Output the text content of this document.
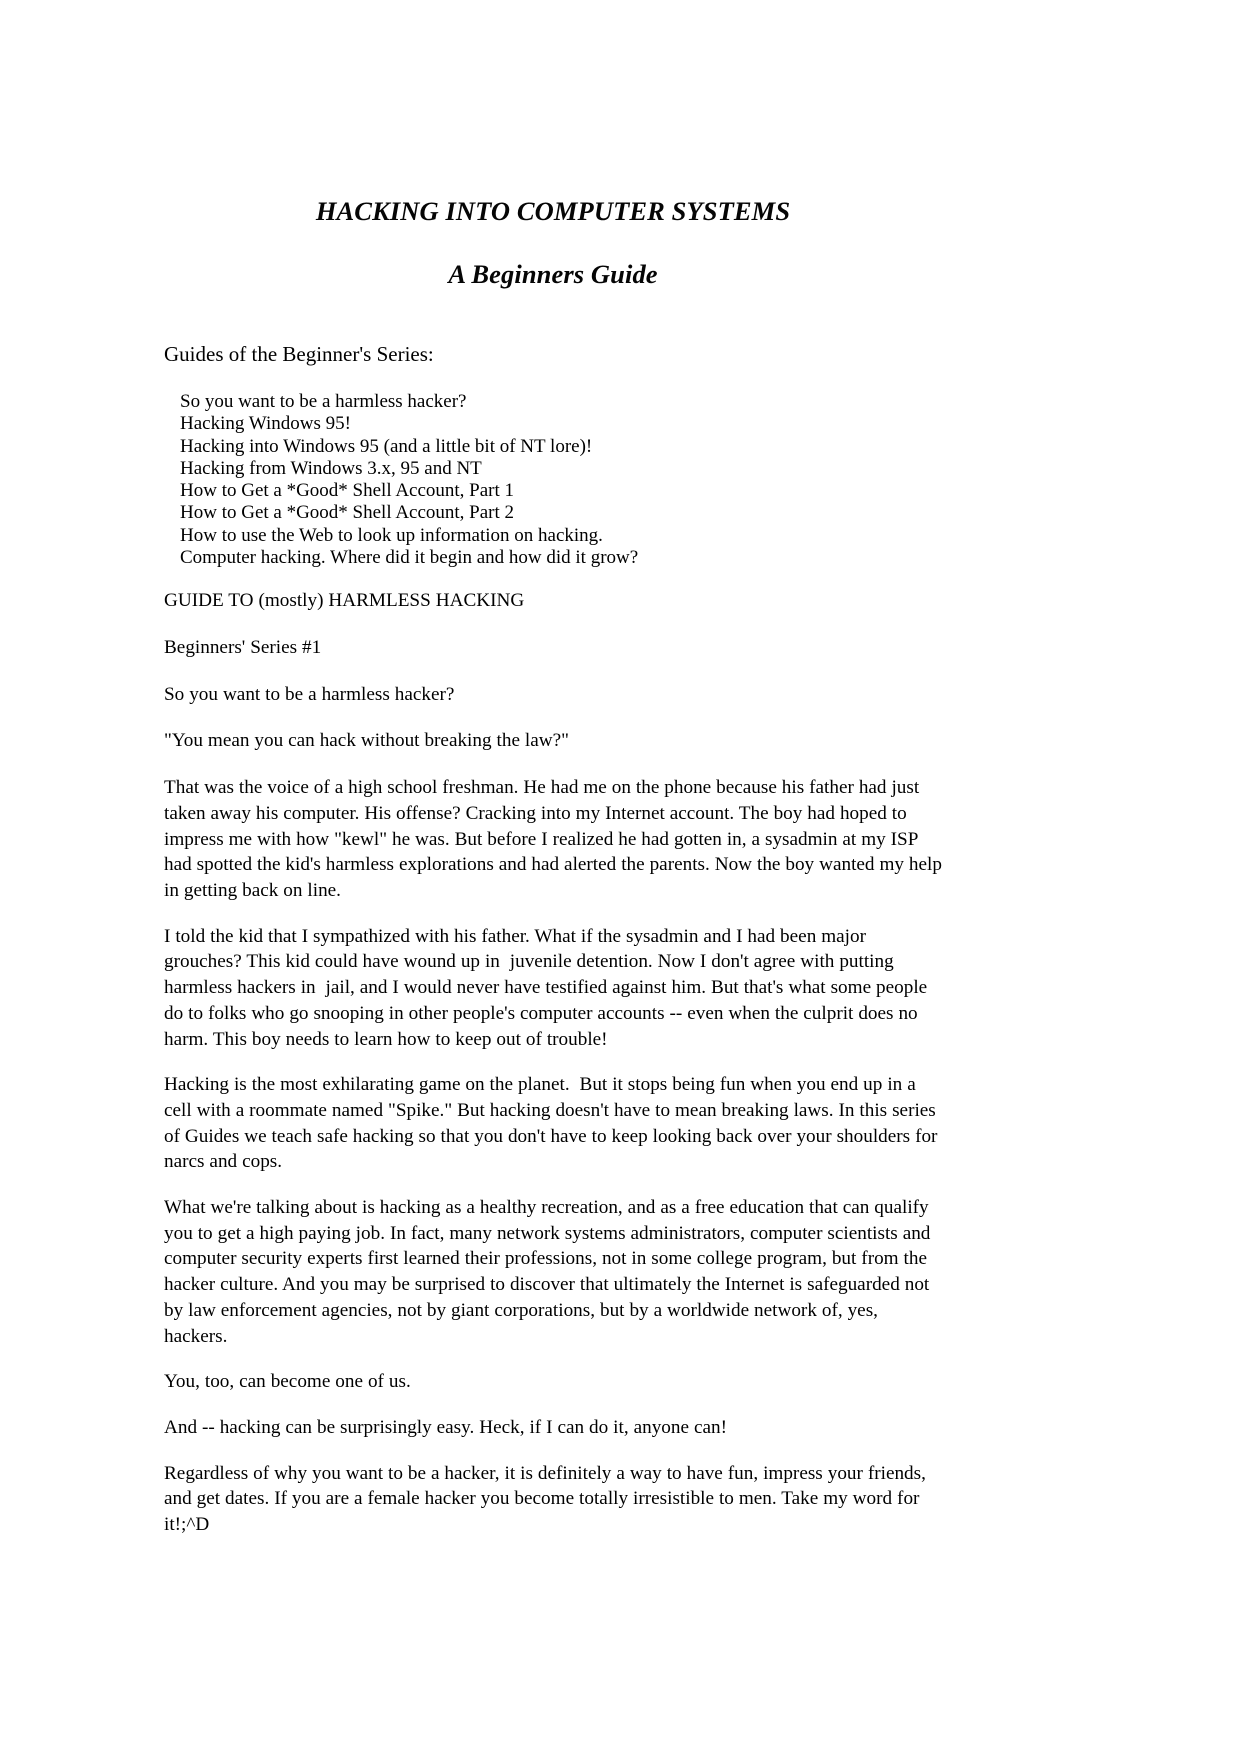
HACKING INTO COMPUTER SYSTEMS
A Beginners Guide

Guides of the Beginner's Series:

So you want to be a harmless hacker?
Hacking Windows 95!
Hacking into Windows 95 (and a little bit of NT lore)!
Hacking from Windows 3.x, 95 and NT
How to Get a *Good* Shell Account, Part 1
How to Get a *Good* Shell Account, Part 2
How to use the Web to look up information on hacking.
Computer hacking. Where did it begin and how did it grow?

GUIDE TO (mostly) HARMLESS HACKING

Beginners' Series #1

So you want to be a harmless hacker?

"You mean you can hack without breaking the law?"

That was the voice of a high school freshman. He had me on the phone because his father had just taken away his computer. His offense? Cracking into my Internet account. The boy had hoped to impress me with how "kewl" he was. But before I realized he had gotten in, a sysadmin at my ISP had spotted the kid's harmless explorations and had alerted the parents. Now the boy wanted my help in getting back on line.

I told the kid that I sympathized with his father. What if the sysadmin and I had been major grouches? This kid could have wound up in  juvenile detention. Now I don't agree with putting harmless hackers in  jail, and I would never have testified against him. But that's what some people do to folks who go snooping in other people's computer accounts -- even when the culprit does no harm. This boy needs to learn how to keep out of trouble!

Hacking is the most exhilarating game on the planet.  But it stops being fun when you end up in a cell with a roommate named "Spike." But hacking doesn't have to mean breaking laws. In this series of Guides we teach safe hacking so that you don't have to keep looking back over your shoulders for narcs and cops.

What we're talking about is hacking as a healthy recreation, and as a free education that can qualify you to get a high paying job. In fact, many network systems administrators, computer scientists and computer security experts first learned their professions, not in some college program, but from the hacker culture. And you may be surprised to discover that ultimately the Internet is safeguarded not by law enforcement agencies, not by giant corporations, but by a worldwide network of, yes, hackers.

You, too, can become one of us.

And -- hacking can be surprisingly easy. Heck, if I can do it, anyone can!

Regardless of why you want to be a hacker, it is definitely a way to have fun, impress your friends, and get dates. If you are a female hacker you become totally irresistible to men. Take my word for it!;^D
